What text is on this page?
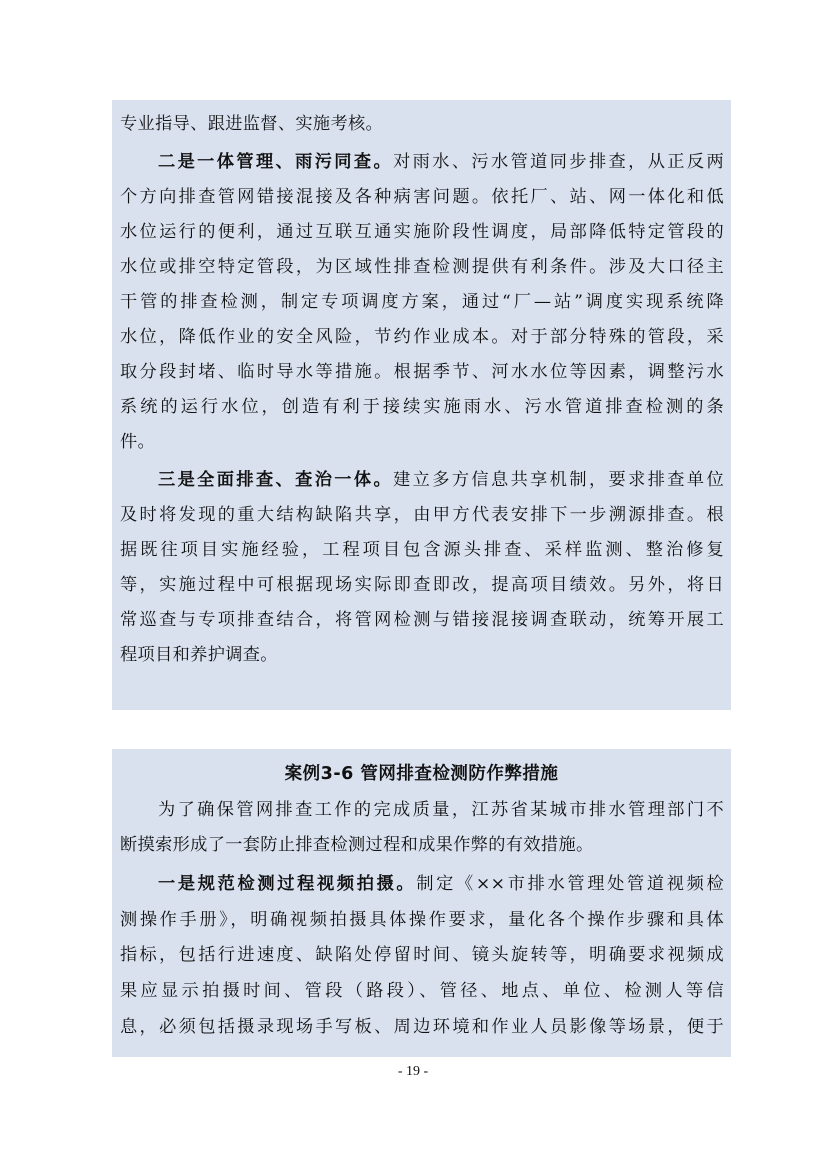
专业指导、跟进监督、实施考核。
二是一体管理、雨污同查。对雨水、污水管道同步排查，从正反两
个方向排查管网错接混接及各种病害问题。依托厂、站、网一体化和低
水位运行的便利，通过互联互通实施阶段性调度，局部降低特定管段的
水位或排空特定管段，为区域性排查检测提供有利条件。涉及大口径主
干管的排查检测，制定专项调度方案，通过“厂—站”调度实现系统降
水位，降低作业的安全风险，节约作业成本。对于部分特殊的管段，采
取分段封堵、临时导水等措施。根据季节、河水水位等因素，调整污水
系统的运行水位，创造有利于接续实施雨水、污水管道排查检测的条
件。
三是全面排查、查治一体。建立多方信息共享机制，要求排查单位
及时将发现的重大结构缺陷共享，由甲方代表安排下一步溯源排查。根
据既往项目实施经验，工程项目包含源头排查、采样监测、整治修复
等，实施过程中可根据现场实际即查即改，提高项目绩效。另外，将日
常巡查与专项排查结合，将管网检测与错接混接调查联动，统筹开展工
程项目和养护调查。
案例3-6 管网排查检测防作弊措施
为了确保管网排查工作的完成质量，江苏省某城市排水管理部门不
断摸索形成了一套防止排查检测过程和成果作弊的有效措施。
一是规范检测过程视频拍摄。制定《××市排水管理处管道视频检
测操作手册》，明确视频拍摄具体操作要求，量化各个操作步骤和具体
指标，包括行进速度、缺陷处停留时间、镜头旋转等，明确要求视频成
果应显示拍摄时间、管段（路段）、管径、地点、单位、检测人等信
息，必须包括摄录现场手写板、周边环境和作业人员影像等场景，便于
- 19 -
